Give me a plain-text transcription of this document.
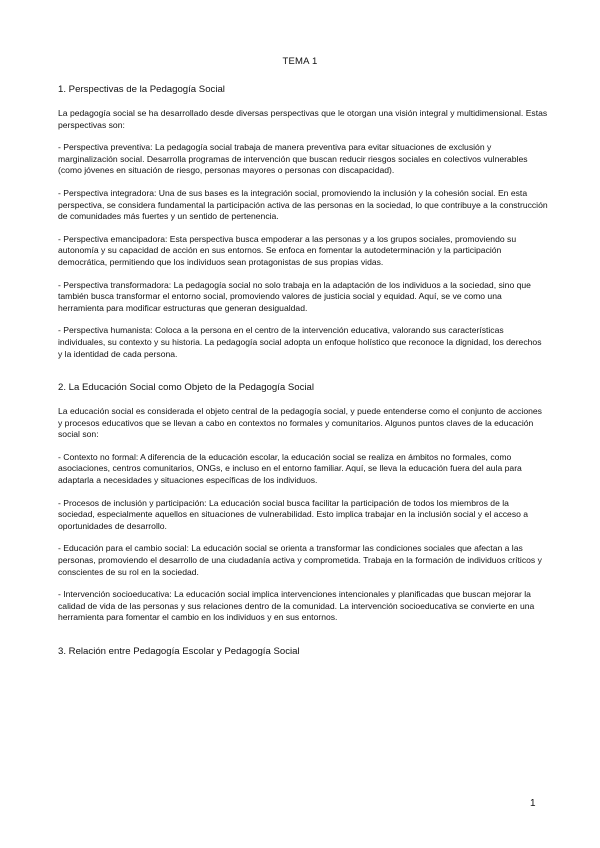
TEMA 1

1. Perspectivas de la Pedagogía Social

La pedagogía social se ha desarrollado desde diversas perspectivas que le otorgan una visión integral y multidimensional. Estas perspectivas son:

- Perspectiva preventiva: La pedagogía social trabaja de manera preventiva para evitar situaciones de exclusión y marginalización social. Desarrolla programas de intervención que buscan reducir riesgos sociales en colectivos vulnerables (como jóvenes en situación de riesgo, personas mayores o personas con discapacidad).

- Perspectiva integradora: Una de sus bases es la integración social, promoviendo la inclusión y la cohesión social. En esta perspectiva, se considera fundamental la participación activa de las personas en la sociedad, lo que contribuye a la construcción de comunidades más fuertes y un sentido de pertenencia.

- Perspectiva emancipadora: Esta perspectiva busca empoderar a las personas y a los grupos sociales, promoviendo su autonomía y su capacidad de acción en sus entornos. Se enfoca en fomentar la autodeterminación y la participación democrática, permitiendo que los individuos sean protagonistas de sus propias vidas.

- Perspectiva transformadora: La pedagogía social no solo trabaja en la adaptación de los individuos a la sociedad, sino que también busca transformar el entorno social, promoviendo valores de justicia social y equidad. Aquí, se ve como una herramienta para modificar estructuras que generan desigualdad.

- Perspectiva humanista: Coloca a la persona en el centro de la intervención educativa, valorando sus características individuales, su contexto y su historia. La pedagogía social adopta un enfoque holístico que reconoce la dignidad, los derechos y la identidad de cada persona.

2. La Educación Social como Objeto de la Pedagogía Social

La educación social es considerada el objeto central de la pedagogía social, y puede entenderse como el conjunto de acciones y procesos educativos que se llevan a cabo en contextos no formales y comunitarios. Algunos puntos claves de la educación social son:

- Contexto no formal: A diferencia de la educación escolar, la educación social se realiza en ámbitos no formales, como asociaciones, centros comunitarios, ONGs, e incluso en el entorno familiar. Aquí, se lleva la educación fuera del aula para adaptarla a necesidades y situaciones específicas de los individuos.

- Procesos de inclusión y participación: La educación social busca facilitar la participación de todos los miembros de la sociedad, especialmente aquellos en situaciones de vulnerabilidad. Esto implica trabajar en la inclusión social y el acceso a oportunidades de desarrollo.

- Educación para el cambio social: La educación social se orienta a transformar las condiciones sociales que afectan a las personas, promoviendo el desarrollo de una ciudadanía activa y comprometida. Trabaja en la formación de individuos críticos y conscientes de su rol en la sociedad.

- Intervención socioeducativa: La educación social implica intervenciones intencionales y planificadas que buscan mejorar la calidad de vida de las personas y sus relaciones dentro de la comunidad. La intervención socioeducativa se convierte en una herramienta para fomentar el cambio en los individuos y en sus entornos.

3. Relación entre Pedagogía Escolar y Pedagogía Social

1
